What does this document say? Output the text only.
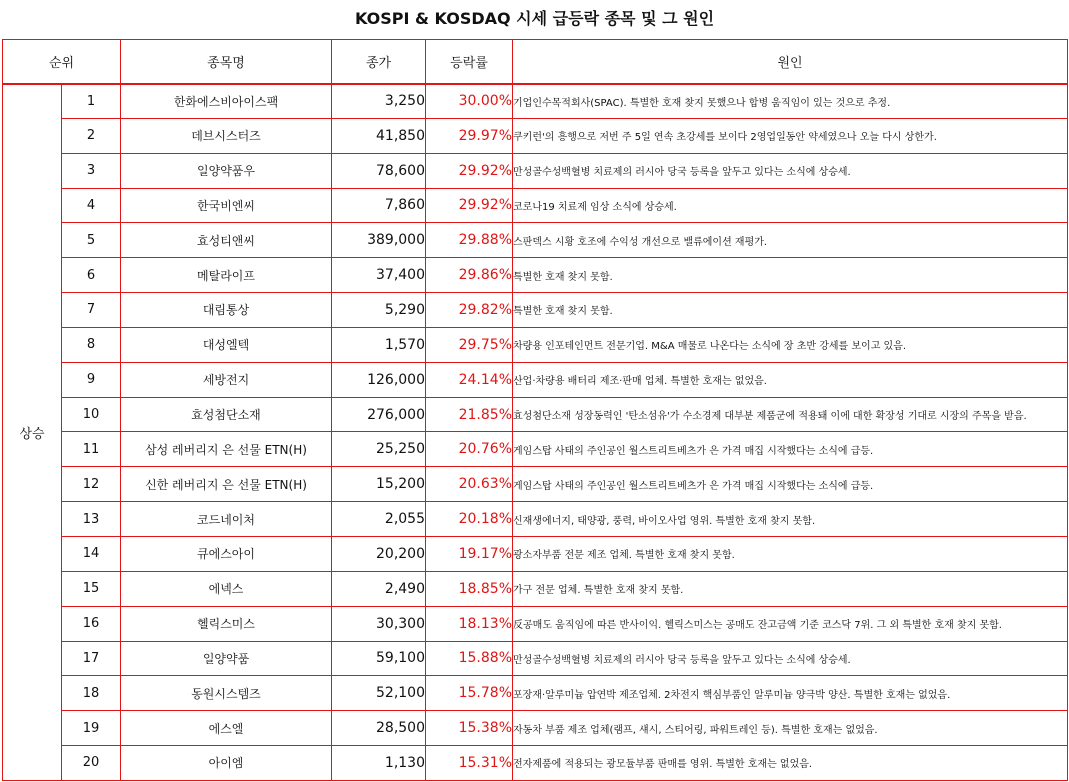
KOSPI & KOSDAQ 시세 급등락 종목 및 그 원인
순위		종목명	종가	등락률	원인
상승	1	한화에스비아이스팩	3,250	30.00%	기업인수목적회사(SPAC). 특별한 호재 찾지 못했으나 합병 움직임이 있는 것으로 추정.
	2	데브시스터즈	41,850	29.97%	쿠키런'의 흥행으로 저번 주 5일 연속 초강세를 보이다 2영업일동안 약세였으나 오늘 다시 상한가.
	3	일양약품우	78,600	29.92%	만성골수성백혈병 치료제의 러시아 당국 등록을 앞두고 있다는 소식에 상승세.
	4	한국비엔씨	7,860	29.92%	코로나19 치료제 임상 소식에 상승세.
	5	효성티앤씨	389,000	29.88%	스판덱스 시황 호조에 수익성 개선으로 밸류에이션 재평가.
	6	메탈라이프	37,400	29.86%	특별한 호재 찾지 못함.
	7	대림통상	5,290	29.82%	특별한 호재 찾지 못함.
	8	대성엘텍	1,570	29.75%	차량용 인포테인먼트 전문기업. M&A 매물로 나온다는 소식에 장 초반 강세를 보이고 있음.
	9	세방전지	126,000	24.14%	산업·차량용 배터리 제조·판매 업체. 특별한 호재는 없었음.
	10	효성첨단소재	276,000	21.85%	효성첨단소재 성장동력인 '탄소섬유'가 수소경제 대부분 제품군에 적용돼 이에 대한 확장성 기대로 시장의 주목을 받음.
	11	삼성 레버리지 은 선물 ETN(H)	25,250	20.76%	게임스탑 사태의 주인공인 월스트리트베츠가 은 가격 매집 시작했다는 소식에 급등.
	12	신한 레버리지 은 선물 ETN(H)	15,200	20.63%	게임스탑 사태의 주인공인 월스트리트베츠가 은 가격 매집 시작했다는 소식에 급등.
	13	코드네이처	2,055	20.18%	신재생에너지, 태양광, 풍력, 바이오사업 영위. 특별한 호재 찾지 못함.
	14	큐에스아이	20,200	19.17%	광소자부품 전문 제조 업체. 특별한 호재 찾지 못함.
	15	에넥스	2,490	18.85%	가구 전문 업체. 특별한 호재 찾지 못함.
	16	헬릭스미스	30,300	18.13%	反공매도 움직임에 따른 반사이익. 헬릭스미스는 공매도 잔고금액 기준 코스닥 7위. 그 외 특별한 호재 찾지 못함.
	17	일양약품	59,100	15.88%	만성골수성백혈병 치료제의 러시아 당국 등록을 앞두고 있다는 소식에 상승세.
	18	동원시스템즈	52,100	15.78%	포장재·알루미늄 압연박 제조업체. 2차전지 핵심부품인 알루미늄 양극박 양산. 특별한 호재는 없었음.
	19	에스엘	28,500	15.38%	자동차 부품 제조 업체(램프, 섀시, 스티어링, 파워트레인 등). 특별한 호재는 없었음.
	20	아이엠	1,130	15.31%	전자제품에 적용되는 광모듈부품 판매를 영위. 특별한 호재는 없었음.
